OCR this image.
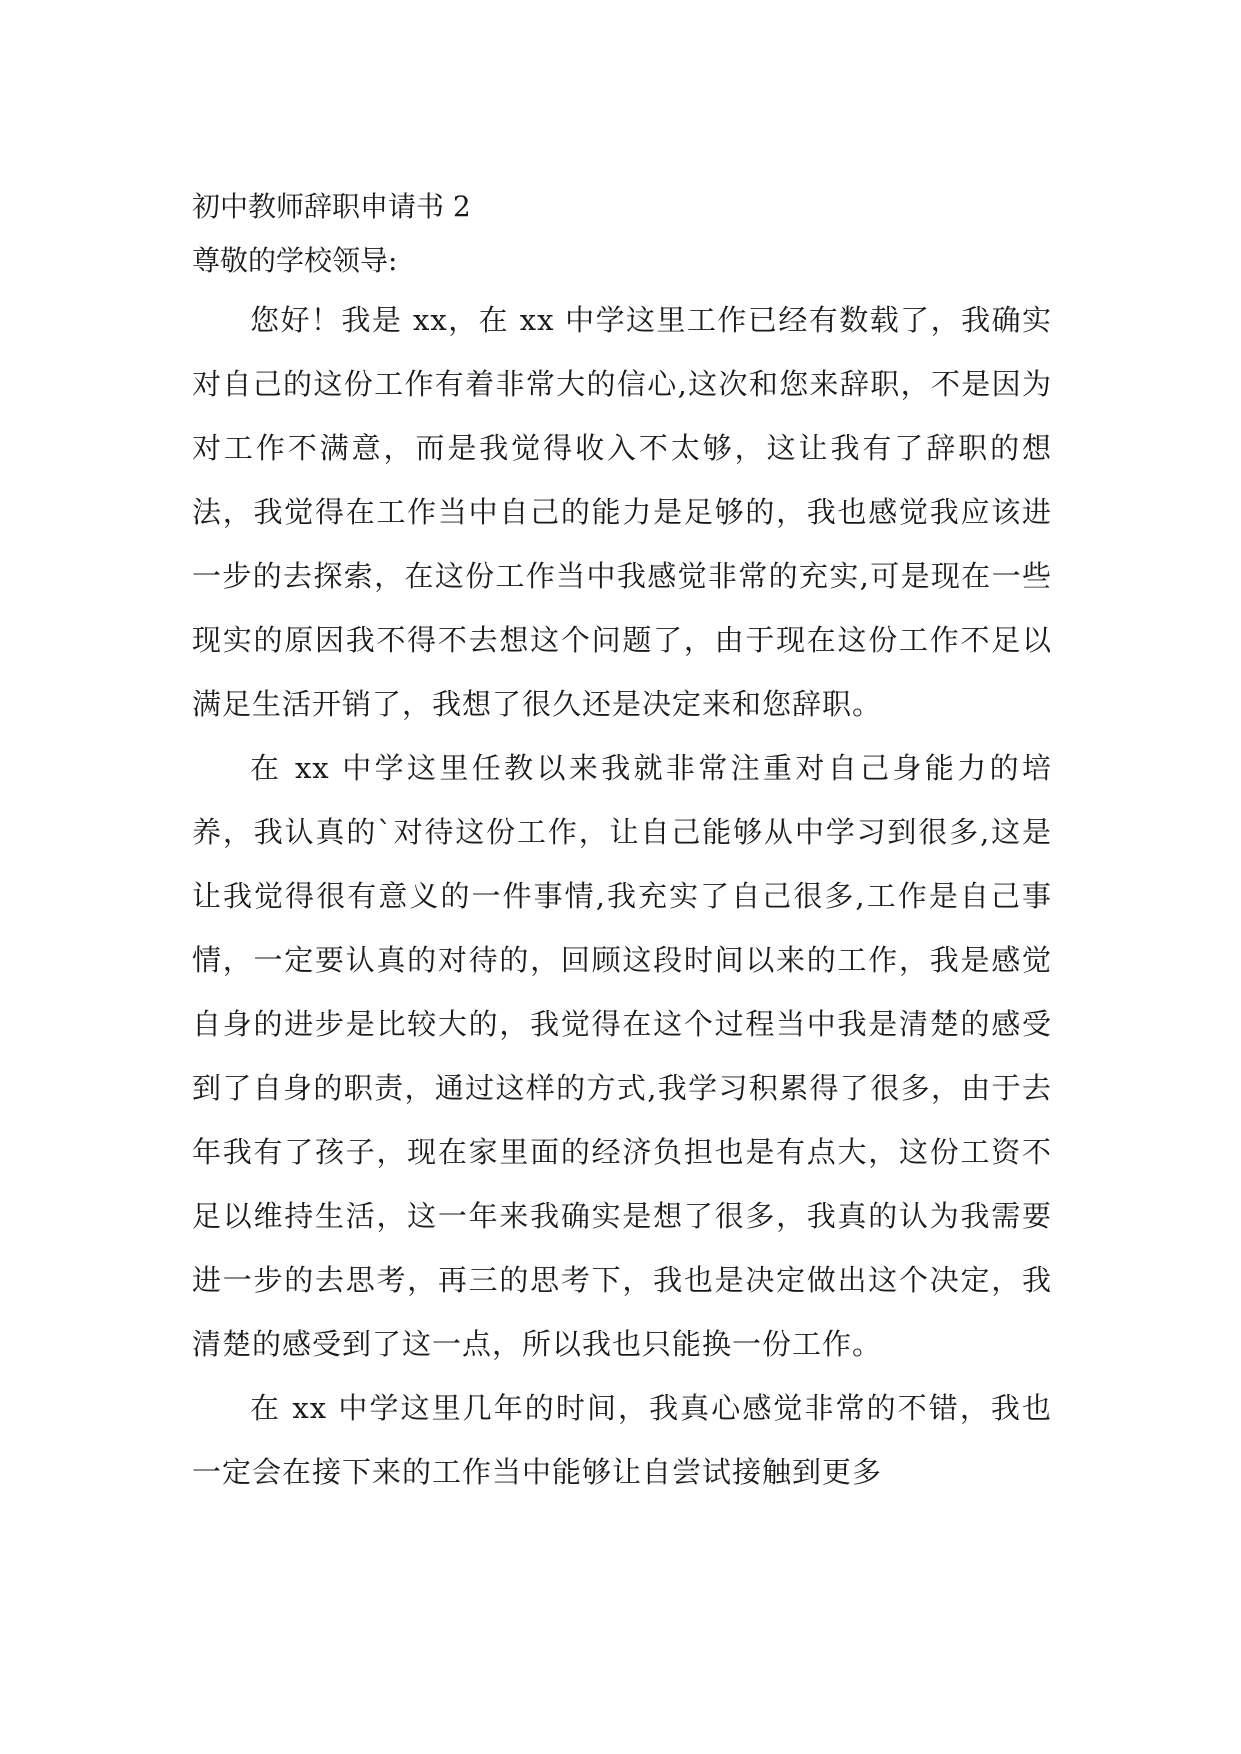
初中教师辞职申请书 2

尊敬的学校领导:

您好！我是 xx，在 xx 中学这里工作已经有数载了，我确实对自己的这份工作有着非常大的信心,这次和您来辞职，不是因为对工作不满意，而是我觉得收入不太够，这让我有了辞职的想法，我觉得在工作当中自己的能力是足够的，我也感觉我应该进一步的去探索，在这份工作当中我感觉非常的充实,可是现在一些现实的原因我不得不去想这个问题了，由于现在这份工作不足以满足生活开销了，我想了很久还是决定来和您辞职。

在 xx 中学这里任教以来我就非常注重对自己身能力的培养，我认真的`对待这份工作，让自己能够从中学习到很多,这是让我觉得很有意义的一件事情,我充实了自己很多,工作是自己事情，一定要认真的对待的，回顾这段时间以来的工作，我是感觉自身的进步是比较大的，我觉得在这个过程当中我是清楚的感受到了自身的职责，通过这样的方式,我学习积累得了很多，由于去年我有了孩子，现在家里面的经济负担也是有点大，这份工资不足以维持生活，这一年来我确实是想了很多，我真的认为我需要进一步的去思考，再三的思考下，我也是决定做出这个决定，我清楚的感受到了这一点，所以我也只能换一份工作。

在 xx 中学这里几年的时间，我真心感觉非常的不错，我也一定会在接下来的工作当中能够让自尝试接触到更多
